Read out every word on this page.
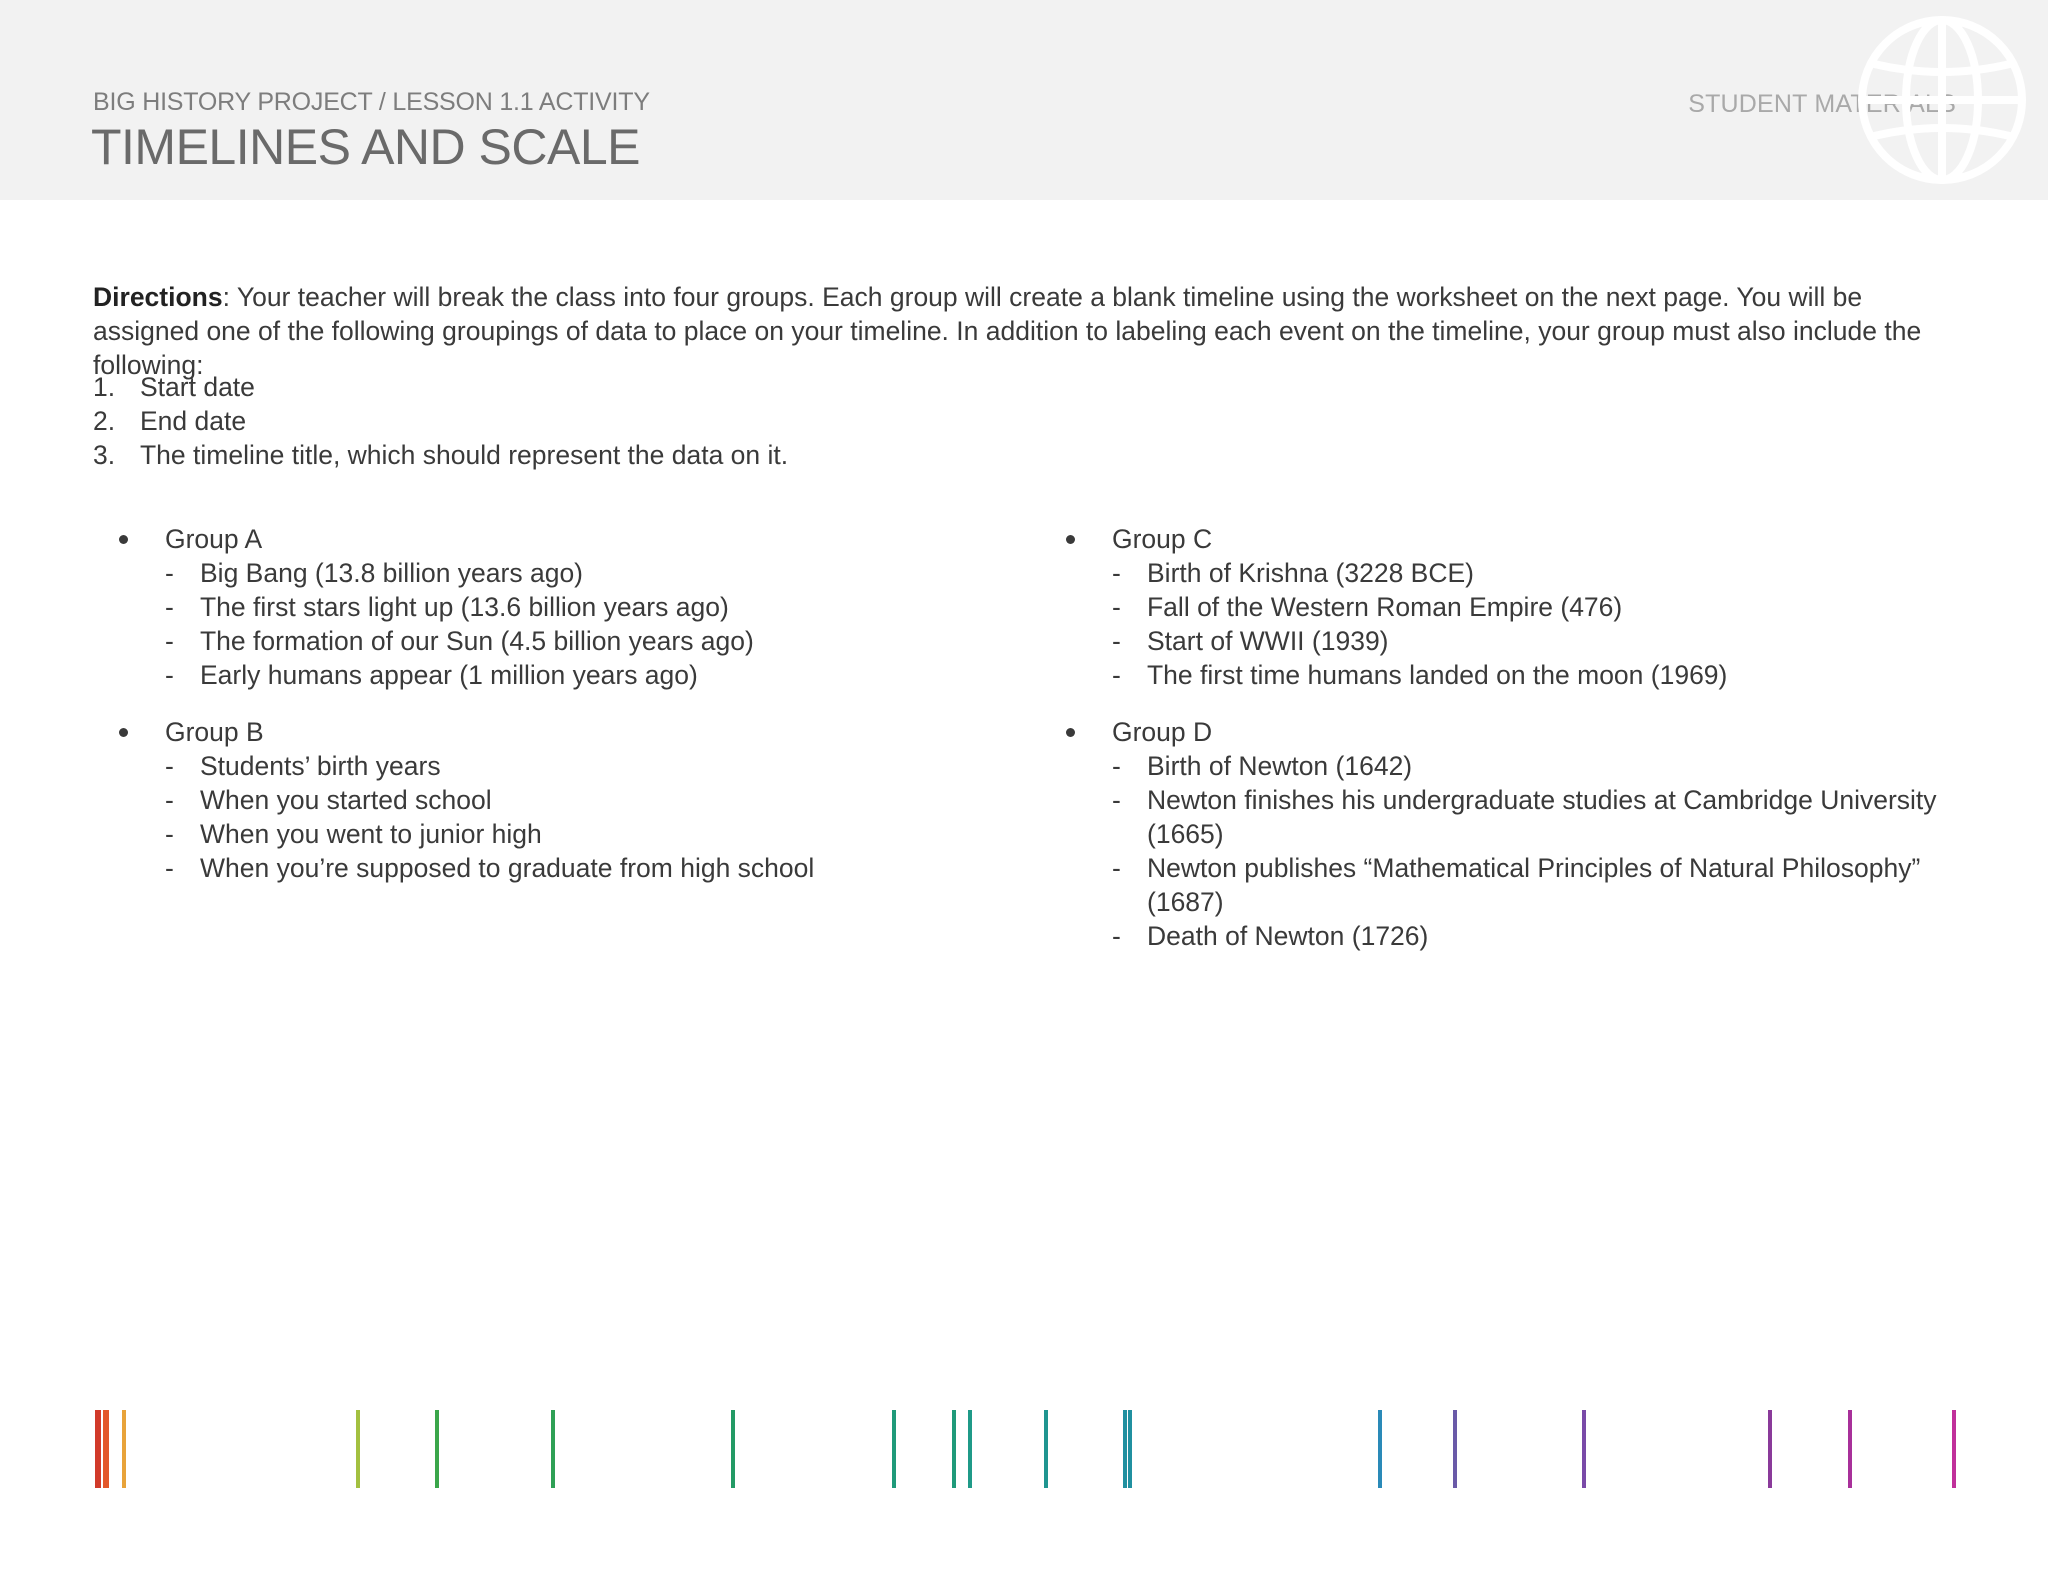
BIG HISTORY PROJECT / LESSON 1.1 ACTIVITY
TIMELINES AND SCALE
STUDENT MATERIALS
Directions: Your teacher will break the class into four groups. Each group will create a blank timeline using the worksheet on the next page. You will be assigned one of the following groupings of data to place on your timeline. In addition to labeling each event on the timeline, your group must also include the following:
1. Start date
2. End date
3. The timeline title, which should represent the data on it.
Group A
- Big Bang (13.8 billion years ago)
- The first stars light up (13.6 billion years ago)
- The formation of our Sun (4.5 billion years ago)
- Early humans appear (1 million years ago)
Group B
- Students’ birth years
- When you started school
- When you went to junior high
- When you’re supposed to graduate from high school
Group C
- Birth of Krishna (3228 BCE)
- Fall of the Western Roman Empire (476)
- Start of WWII (1939)
- The first time humans landed on the moon (1969)
Group D
- Birth of Newton (1642)
- Newton finishes his undergraduate studies at Cambridge University (1665)
- Newton publishes “Mathematical Principles of Natural Philosophy” (1687)
- Death of Newton (1726)
